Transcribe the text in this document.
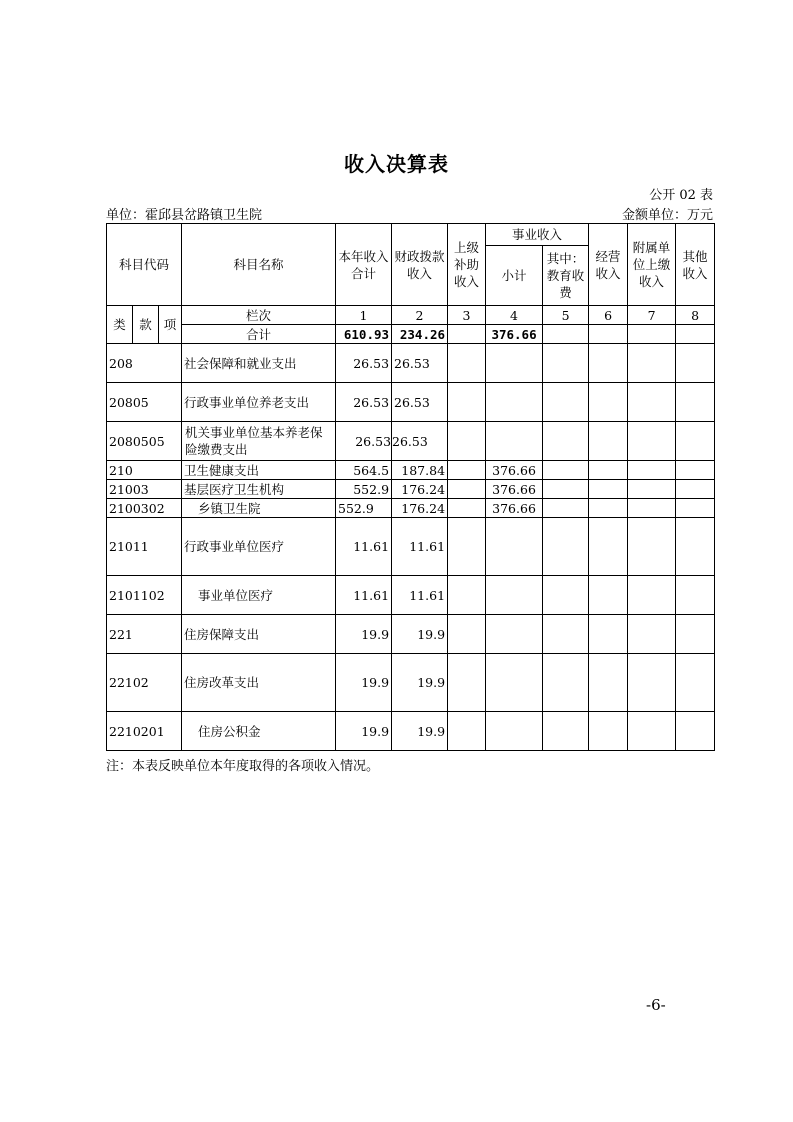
收入决算表
公开 02 表
单位：霍邱县岔路镇卫生院	金额单位：万元
科目代码			科目名称	本年收入合计	财政拨款收入	上级补助收入	事业收入		经营收入	附属单位上缴收入	其他收入
							小计	其中：教育收费			

类	款	项	栏次	1	2	3	4	5	6	7	8
			合计	610.93	234.26		376.66				
208			社会保障和就业支出	26.53	26.53						
20805			行政事业单位养老支出	26.53	26.53						
2080505			机关事业单位基本养老保险缴费支出	26.53	26.53						
210			卫生健康支出	564.5	187.84		376.66				
21003			基层医疗卫生机构	552.9	176.24		376.66				
2100302			乡镇卫生院	552.9	176.24		376.66				
21011			行政事业单位医疗	11.61	11.61						
2101102			事业单位医疗	11.61	11.61						
221			住房保障支出	19.9	19.9						
22102			住房改革支出	19.9	19.9						
2210201			住房公积金	19.9	19.9						
注：本表反映单位本年度取得的各项收入情况。
-6-
